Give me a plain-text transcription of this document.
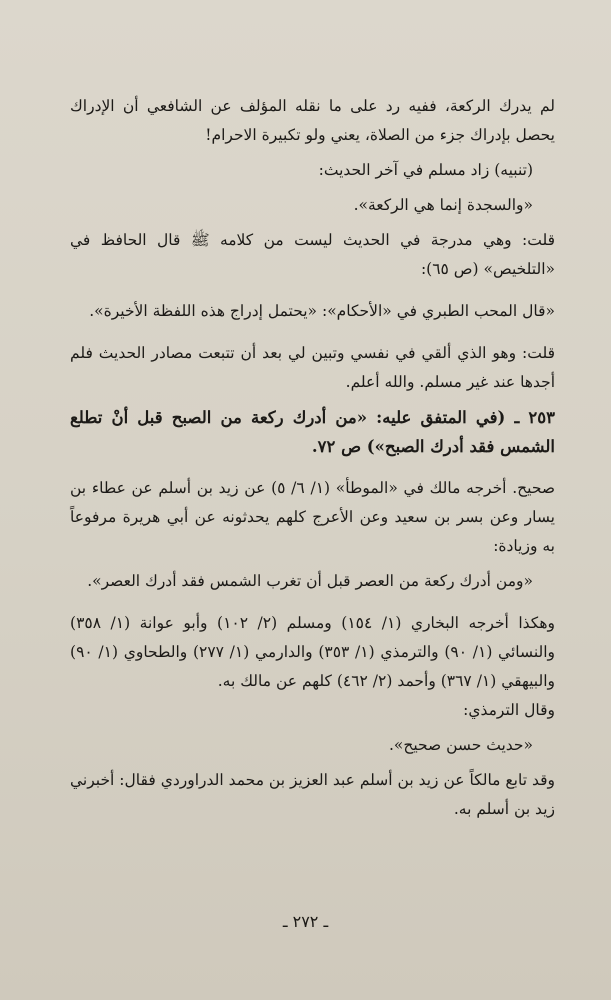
لم يدرك الركعة، ففيه رد على ما نقله المؤلف عن الشافعي أن الإدراك يحصل بإدراك جزء من الصلاة، يعني ولو تكبيرة الاحرام!

(تنبيه) زاد مسلم في آخر الحديث:

«والسجدة إنما هي الركعة».

قلت: وهي مدرجة في الحديث ليست من كلامه ﷺ قال الحافظ في «التلخيص» (ص ٦٥):

«قال المحب الطبري في «الأحكام»: «يحتمل إدراج هذه اللفظة الأخيرة».

قلت: وهو الذي ألقي في نفسي وتبين لي بعد أن تتبعت مصادر الحديث فلم أجدها عند غير مسلم. والله أعلم.

٢٥٣ ـ (في المتفق عليه: «من أدرك ركعة من الصبح قبل أنْ تطلع الشمس فقد أدرك الصبح») ص ٧٢.

صحيح. أخرجه مالك في «الموطأ» (١/ ٦/ ٥) عن زيد بن أسلم عن عطاء بن يسار وعن بسر بن سعيد وعن الأعرج كلهم يحدثونه عن أبي هريرة مرفوعاً به وزيادة:

«ومن أدرك ركعة من العصر قبل أن تغرب الشمس فقد أدرك العصر».

وهكذا أخرجه البخاري (١/ ١٥٤) ومسلم (٢/ ١٠٢) وأبو عوانة (١/ ٣٥٨) والنسائي (١/ ٩٠) والترمذي (١/ ٣٥٣) والدارمي (١/ ٢٧٧) والطحاوي (١/ ٩٠) والبيهقي (١/ ٣٦٧) وأحمد (٢/ ٤٦٢) كلهم عن مالك به.

وقال الترمذي:

«حديث حسن صحيح».

وقد تابع مالكاً عن زيد بن أسلم عبد العزيز بن محمد الدراوردي فقال: أخبرني زيد بن أسلم به.

ـ ٢٧٢ ـ
